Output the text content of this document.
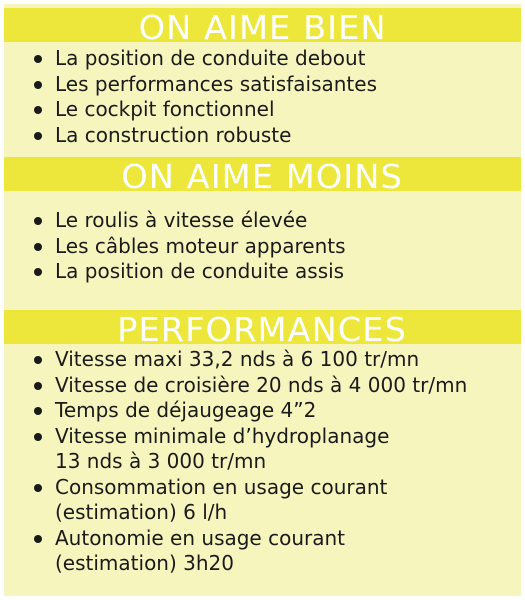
ON AIME BIEN
La position de conduite debout
Les performances satisfaisantes
Le cockpit fonctionnel
La construction robuste
ON AIME MOINS
Le roulis à vitesse élevée
Les câbles moteur apparents
La position de conduite assis
PERFORMANCES
Vitesse maxi 33,2 nds à 6 100 tr/mn
Vitesse de croisière 20 nds à 4 000 tr/mn
Temps de déjaugeage 4”2
Vitesse minimale d’hydroplanage
13 nds à 3 000 tr/mn
Consommation en usage courant
(estimation) 6 l/h
Autonomie en usage courant
(estimation) 3h20
